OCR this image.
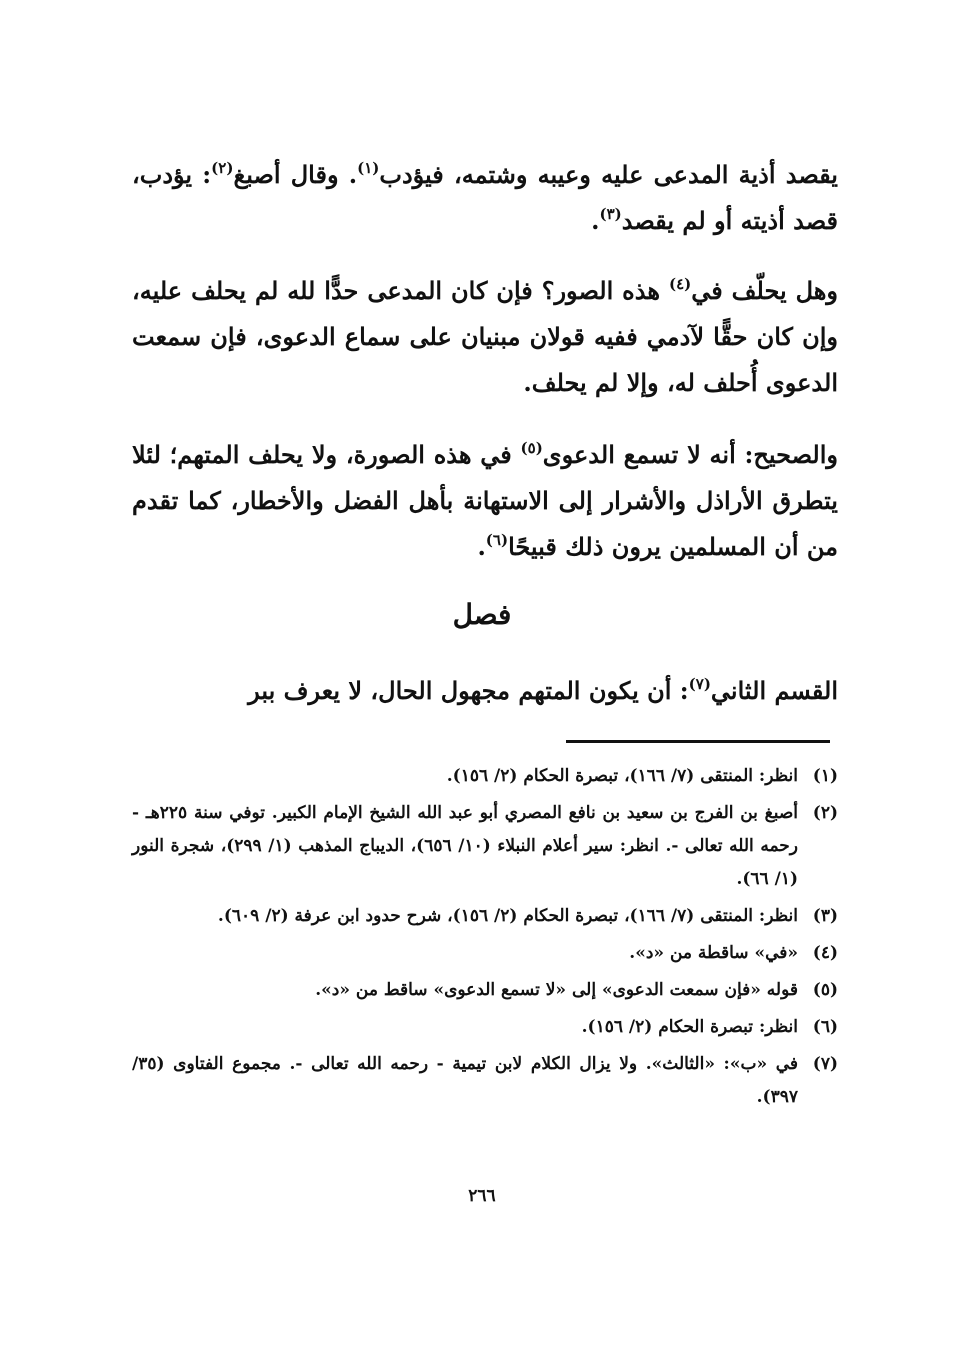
يقصد أذية المدعى عليه وعيبه وشتمه، فيؤدب$^{(١)}$. وقال أصبغ$^{(٢)}$: يؤدب، قصد أذيته أو لم يقصد$^{(٣)}$.

وهل يحلّف في$^{(٤)}$ هذه الصور؟ فإن كان المدعى حدًّا لله لم يحلف عليه، وإن كان حقًّا لآدمي ففيه قولان مبنيان على سماع الدعوى، فإن سمعت الدعوى أُحلف له، وإلا لم يحلف.

والصحيح: أنه لا تسمع الدعوى$^{(٥)}$ في هذه الصورة، ولا يحلف المتهم؛ لئلا يتطرق الأراذل والأشرار إلى الاستهانة بأهل الفضل والأخطار، كما تقدم من أن المسلمين يرون ذلك قبيحًا$^{(٦)}$.

فصل

القسم الثاني$^{(٧)}$: أن يكون المتهم مجهول الحال، لا يعرف ببر

(١)
انظر: المنتقى (٧/ ١٦٦)، تبصرة الحكام (٢/ ١٥٦).
(٢)
أصبغ بن الفرج بن سعيد بن نافع المصري أبو عبد الله الشيخ الإمام الكبير. توفي سنة ٢٢٥هـ - رحمه الله تعالى -. انظر: سير أعلام النبلاء (١٠/ ٦٥٦)، الديباج المذهب (١/ ٢٩٩)، شجرة النور (١/ ٦٦).
(٣)
انظر: المنتقى (٧/ ١٦٦)، تبصرة الحكام (٢/ ١٥٦)، شرح حدود ابن عرفة (٢/ ٦٠٩).
(٤)
«في» ساقطة من «د».
(٥)
قوله «فإن سمعت الدعوى» إلى «لا تسمع الدعوى» ساقط من «د».
(٦)
انظر: تبصرة الحكام (٢/ ١٥٦).
(٧)
في «ب»: «الثالث». ولا يزال الكلام لابن تيمية - رحمه الله تعالى -. مجموع الفتاوى (٣٥/ ٣٩٧).
٢٦٦
